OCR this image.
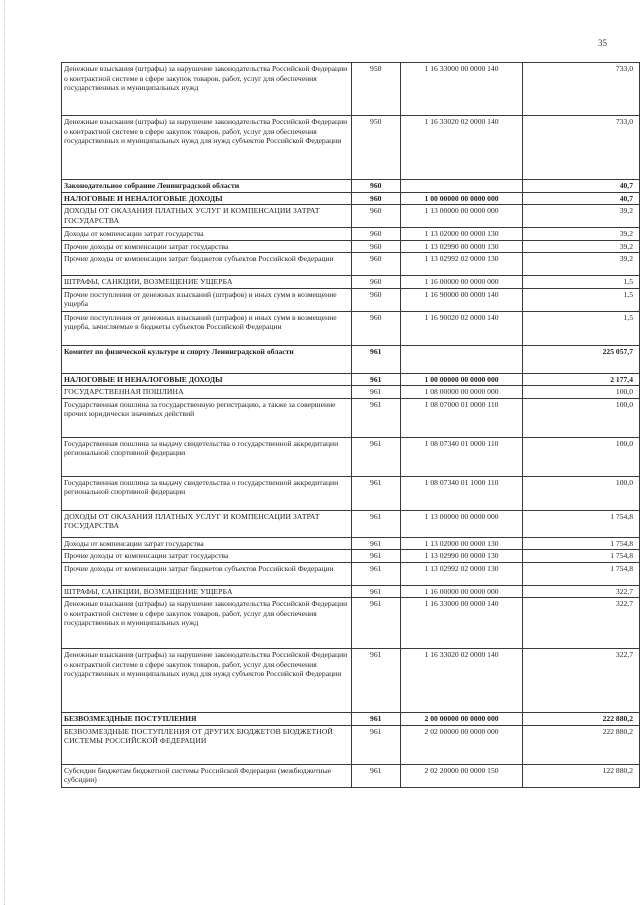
35
Денежные взыскания (штрафы) за нарушение законодательства Российской Федерации о контрактной системе в сфере закупок товаров, работ, услуг для обеспечения государственных и муниципальных нужд	950	1 16 33000 00 0000 140	733,0
Денежные взыскания (штрафы) за нарушение законодательства Российской Федерации о контрактной системе в сфере закупок товаров, работ, услуг для обеспечения государственных и муниципальных нужд для нужд субъектов Российской Федерации	950	1 16 33020 02 0000 140	733,0
Законодательное собрание Ленинградской области	960		40,7
НАЛОГОВЫЕ И НЕНАЛОГОВЫЕ ДОХОДЫ	960	1 00 00000 00 0000 000	40,7
ДОХОДЫ ОТ ОКАЗАНИЯ ПЛАТНЫХ УСЛУГ И КОМПЕНСАЦИИ ЗАТРАТ ГОСУДАРСТВА	960	1 13 00000 00 0000 000	39,2
Доходы от компенсации затрат государства	960	1 13 02000 00 0000 130	39,2
Прочие доходы от компенсации затрат государства	960	1 13 02990 00 0000 130	39,2
Прочие доходы от компенсации затрат бюджетов субъектов Российской Федерации	960	1 13 02992 02 0000 130	39,2
ШТРАФЫ, САНКЦИИ, ВОЗМЕЩЕНИЕ УЩЕРБА	960	1 16 00000 00 0000 000	1,5
Прочие поступления от денежных взысканий (штрафов) и иных сумм в возмещение ущерба	960	1 16 90000 00 0000 140	1,5
Прочие поступления от денежных взысканий (штрафов) и иных сумм в возмещение ущерба, зачисляемые в бюджеты субъектов Российской Федерации	960	1 16 90020 02 0000 140	1,5
Комитет по физической культуре и спорту Ленинградской области	961		225 057,7
НАЛОГОВЫЕ И НЕНАЛОГОВЫЕ ДОХОДЫ	961	1 00 00000 00 0000 000	2 177,4
ГОСУДАРСТВЕННАЯ ПОШЛИНА	961	1 08 00000 00 0000 000	100,0
Государственная пошлина за государственную регистрацию, а также за совершение прочих юридически значимых действий	961	1 08 07000 01 0000 110	100,0
Государственная пошлина за выдачу свидетельства о государственной аккредитации региональной спортивной федерации	961	1 08 07340 01 0000 110	100,0
Государственная пошлина за выдачу свидетельства о государственной аккредитации региональной спортивной федерации	961	1 08 07340 01 1000 110	100,0
ДОХОДЫ ОТ ОКАЗАНИЯ ПЛАТНЫХ УСЛУГ И КОМПЕНСАЦИИ ЗАТРАТ ГОСУДАРСТВА	961	1 13 00000 00 0000 000	1 754,8
Доходы от компенсации затрат государства	961	1 13 02000 00 0000 130	1 754,8
Прочие доходы от компенсации затрат государства	961	1 13 02990 00 0000 130	1 754,8
Прочие доходы от компенсации затрат бюджетов субъектов Российской Федерации	961	1 13 02992 02 0000 130	1 754,8
ШТРАФЫ, САНКЦИИ, ВОЗМЕЩЕНИЕ УЩЕРБА	961	1 16 00000 00 0000 000	322,7
Денежные взыскания (штрафы) за нарушение законодательства Российской Федерации о контрактной системе в сфере закупок товаров, работ, услуг для обеспечения государственных и муниципальных нужд	961	1 16 33000 00 0000 140	322,7
Денежные взыскания (штрафы) за нарушение законодательства Российской Федерации о контрактной системе в сфере закупок товаров, работ, услуг для обеспечения государственных и муниципальных нужд для нужд субъектов Российской Федерации	961	1 16 33020 02 0000 140	322,7
БЕЗВОЗМЕЗДНЫЕ ПОСТУПЛЕНИЯ	961	2 00 00000 00 0000 000	222 880,2
БЕЗВОЗМЕЗДНЫЕ ПОСТУПЛЕНИЯ ОТ ДРУГИХ БЮДЖЕТОВ БЮДЖЕТНОЙ СИСТЕМЫ РОССИЙСКОЙ ФЕДЕРАЦИИ	961	2 02 00000 00 0000 000	222 880,2
Субсидии бюджетам бюджетной системы Российской Федерации (межбюджетные субсидии)	961	2 02 20000 00 0000 150	122 880,2
